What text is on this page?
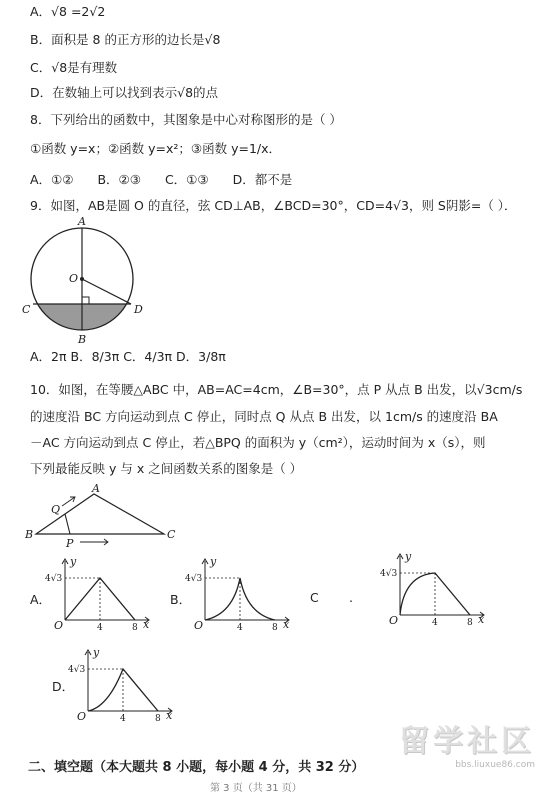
A．√8 =2√2
B．面积是 8 的正方形的边长是√8
C．√8是有理数
D．在数轴上可以找到表示√8的点
8．下列给出的函数中，其图象是中心对称图形的是（ ）
①函数 y=x；②函数 y=x²；③函数 y=1/x．
A．①② B．②③ C．①③ D．都不是
9．如图，AB是圆 O 的直径，弦 CD⊥AB，∠BCD=30°，CD=4√3，则 S阴影=（ ）．
A
O
C	D
B
A．2π B．8/3π C．4/3π D．3/8π
10．如图，在等腰△ABC 中，AB=AC=4cm，∠B=30°，点 P 从点 B 出发，以√3cm/s
的速度沿 BC 方向运动到点 C 停止，同时点 Q 从点 B 出发，以 1cm/s 的速度沿 BA
－AC 方向运动到点 C 停止，若△BPQ 的面积为 y（cm²），运动时间为 x（s），则
下列最能反映 y 与 x 之间函数关系的图象是（ ）
A
B	C
Q
P
A．	B．	C .
D．
y
x
O
4√3
4	8
y
x
O
4√3
4	8
y
x
O
4√3
4	8
y
x
O
4√3
4	8
二、填空题（本大题共 8 小题，每小题 4 分，共 32 分）
留学社区
bbs.liuxue86.com
第 3 页（共 31 页）
